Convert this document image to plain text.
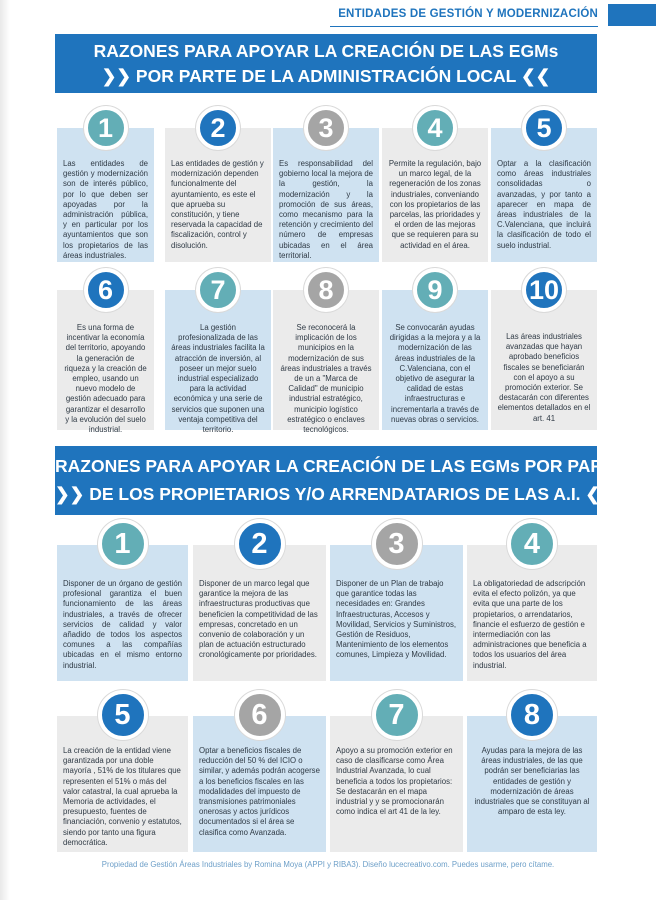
ENTIDADES DE GESTIÓN Y MODERNIZACIÓN
RAZONES PARA APOYAR LA CREACIÓN DE LAS EGMs
❯❯ POR PARTE DE LA ADMINISTRACIÓN LOCAL ❮❮
1
Las entidades de gestión y modernización son de interés público, por lo que deben ser apoyadas por la administración pública, y en particular por los ayuntamientos que son los propietarios de las áreas industriales.
2
Las entidades de gestión y modernización dependen funcionalmente del ayuntamiento, es este el que aprueba su constitución, y tiene reservada la capacidad de fiscalización, control y disolución.
3
Es responsabilidad del gobierno local la mejora de la gestión, la modernización y la promoción de sus áreas, como mecanismo para la retención y crecimiento del número de empresas ubicadas en el área territorial.
4
Permite la regulación, bajo un marco legal, de la regeneración de los zonas industriales, conveniando con los propietarios de las parcelas, las prioridades y el orden de las mejoras que se requieren para su actividad en el área.
5
Optar a la clasificación como áreas industriales consolidadas o avanzadas, y por tanto a aparecer en mapa de áreas industriales de la C.Valenciana, que incluirá la clasificación de todo el suelo industrial.
6
Es una forma de incentivar la economía del territorio, apoyando la generación de riqueza y la creación de empleo, usando un nuevo modelo de gestión adecuado para garantizar el desarrollo y la evolución del suelo industrial.
7
La gestión profesionalizada de las áreas industriales facilita la atracción de inversión, al poseer un mejor suelo industrial especializado para la actividad económica y una serie de servicios que suponen una ventaja competitiva del territorio.
8
Se reconocerá la implicación de los municipios en la modernización de sus áreas industriales a través de un a "Marca de Calidad" de municipio industrial estratégico, municipio logístico estratégico o enclaves tecnológicos.
9
Se convocarán ayudas dirigidas a la mejora y a la modernización de las áreas industriales de la C.Valenciana, con el objetivo de asegurar la calidad de estas infraestructuras e incrementarla a través de nuevas obras o servicios.
10
Las áreas industriales avanzadas que hayan aprobado beneficios fiscales se beneficiarán con el apoyo a su promoción exterior. Se destacarán con diferentes elementos detallados en el art. 41
RAZONES PARA APOYAR LA CREACIÓN DE LAS EGMs POR PARTE
❯❯ DE LOS PROPIETARIOS Y/O ARRENDATARIOS DE LAS A.I. ❮❮
1
Disponer de un órgano de gestión profesional garantiza el buen funcionamiento de las áreas industriales, a través de ofrecer servicios de calidad y valor añadido de todos los aspectos comunes a las compañías ubicadas en el mismo entorno industrial.
2
Disponer de un marco legal que garantice la mejora de las infraestructuras productivas que beneficien la competitividad de las empresas, concretado en un convenio de colaboración y un plan de actuación estructurado cronológicamente por prioridades.
3
Disponer de un Plan de trabajo que garantice todas las necesidades en: Grandes Infraestructuras, Accesos y Movilidad, Servicios y Suministros, Gestión de Residuos, Mantenimiento de los elementos comunes, Limpieza y Movilidad.
4
La obligatoriedad de adscripción evita el efecto polizón, ya que evita que una parte de los propietarios, o arrendatarios, financie el esfuerzo de gestión e intermediación con las administraciones que beneficia a todos los usuarios del área industrial.
5
La creación de la entidad viene garantizada por una doble mayoría , 51% de los titulares que representen el 51% o más del valor catastral, la cual aprueba la Memoria de actividades, el presupuesto, fuentes de financiación, convenio y estatutos, siendo por tanto una figura democrática.
6
Optar a beneficios fiscales de reducción del 50 % del ICIO o similar, y además podrán acogerse a los beneficios fiscales en las modalidades del impuesto de transmisiones patrimoniales onerosas y actos jurídicos documentados si el área se clasifica como Avanzada.
7
Apoyo a su promoción exterior en caso de clasificarse como Área Industrial Avanzada, lo cual beneficia a todos los propietarios: Se destacarán en el mapa industrial y y se promocionarán como indica el art 41 de la ley.
8
Ayudas para la mejora de las áreas industriales, de las que podrán ser beneficiarias las entidades de gestión y modernización de áreas industriales que se constituyan al amparo de esta ley.
Propiedad de Gestión Áreas Industriales by Romina Moya (APPI y RIBA3). Diseño lucecreativo.com. Puedes usarme, pero cítame.
